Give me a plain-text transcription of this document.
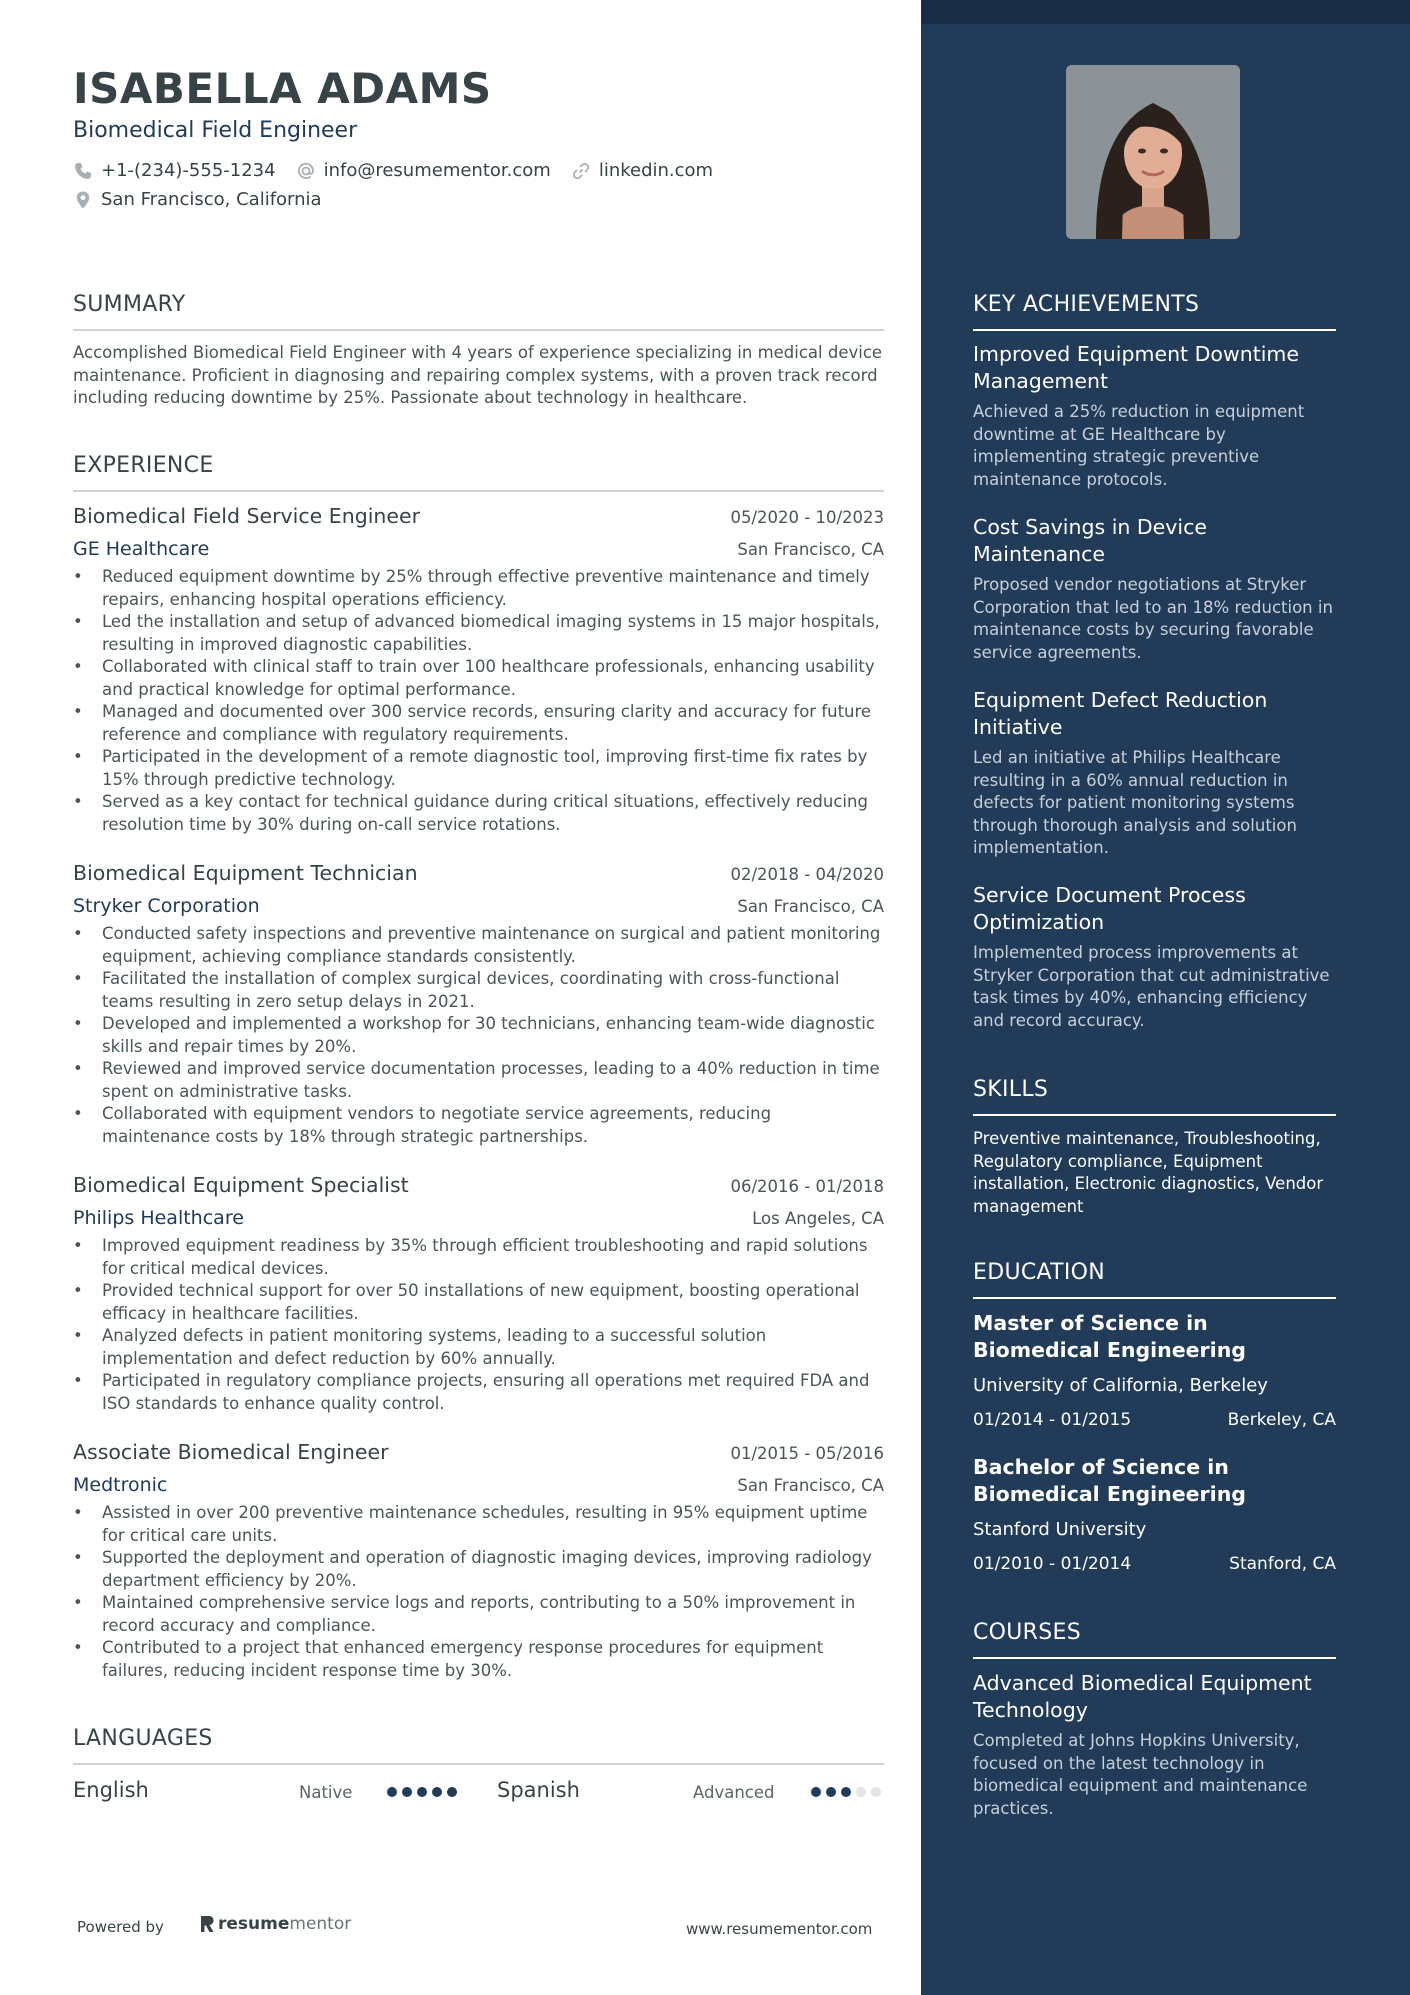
ISABELLA ADAMS
Biomedical Field Engineer
+1-(234)-555-1234	info@resumementor.com	linkedin.com
San Francisco, California
SUMMARY
Accomplished Biomedical Field Engineer with 4 years of experience specializing in medical device maintenance. Proficient in diagnosing and repairing complex systems, with a proven track record including reducing downtime by 25%. Passionate about technology in healthcare.
EXPERIENCE
Biomedical Field Service Engineer	05/2020 - 10/2023
GE Healthcare	San Francisco, CA
• Reduced equipment downtime by 25% through effective preventive maintenance and timely repairs, enhancing hospital operations efficiency.
• Led the installation and setup of advanced biomedical imaging systems in 15 major hospitals, resulting in improved diagnostic capabilities.
• Collaborated with clinical staff to train over 100 healthcare professionals, enhancing usability and practical knowledge for optimal performance.
• Managed and documented over 300 service records, ensuring clarity and accuracy for future reference and compliance with regulatory requirements.
• Participated in the development of a remote diagnostic tool, improving first-time fix rates by 15% through predictive technology.
• Served as a key contact for technical guidance during critical situations, effectively reducing resolution time by 30% during on-call service rotations.
Biomedical Equipment Technician	02/2018 - 04/2020
Stryker Corporation	San Francisco, CA
• Conducted safety inspections and preventive maintenance on surgical and patient monitoring equipment, achieving compliance standards consistently.
• Facilitated the installation of complex surgical devices, coordinating with cross-functional teams resulting in zero setup delays in 2021.
• Developed and implemented a workshop for 30 technicians, enhancing team-wide diagnostic skills and repair times by 20%.
• Reviewed and improved service documentation processes, leading to a 40% reduction in time spent on administrative tasks.
• Collaborated with equipment vendors to negotiate service agreements, reducing maintenance costs by 18% through strategic partnerships.
Biomedical Equipment Specialist	06/2016 - 01/2018
Philips Healthcare	Los Angeles, CA
• Improved equipment readiness by 35% through efficient troubleshooting and rapid solutions for critical medical devices.
• Provided technical support for over 50 installations of new equipment, boosting operational efficacy in healthcare facilities.
• Analyzed defects in patient monitoring systems, leading to a successful solution implementation and defect reduction by 60% annually.
• Participated in regulatory compliance projects, ensuring all operations met required FDA and ISO standards to enhance quality control.
Associate Biomedical Engineer	01/2015 - 05/2016
Medtronic	San Francisco, CA
• Assisted in over 200 preventive maintenance schedules, resulting in 95% equipment uptime for critical care units.
• Supported the deployment and operation of diagnostic imaging devices, improving radiology department efficiency by 20%.
• Maintained comprehensive service logs and reports, contributing to a 50% improvement in record accuracy and compliance.
• Contributed to a project that enhanced emergency response procedures for equipment failures, reducing incident response time by 30%.
LANGUAGES
English	Native	Spanish	Advanced
Powered by	resumementor	www.resumementor.com
KEY ACHIEVEMENTS
Improved Equipment Downtime Management
Achieved a 25% reduction in equipment downtime at GE Healthcare by implementing strategic preventive maintenance protocols.
Cost Savings in Device Maintenance
Proposed vendor negotiations at Stryker Corporation that led to an 18% reduction in maintenance costs by securing favorable service agreements.
Equipment Defect Reduction Initiative
Led an initiative at Philips Healthcare resulting in a 60% annual reduction in defects for patient monitoring systems through thorough analysis and solution implementation.
Service Document Process Optimization
Implemented process improvements at Stryker Corporation that cut administrative task times by 40%, enhancing efficiency and record accuracy.
SKILLS
Preventive maintenance, Troubleshooting, Regulatory compliance, Equipment installation, Electronic diagnostics, Vendor management
EDUCATION
Master of Science in Biomedical Engineering
University of California, Berkeley
01/2014 - 01/2015	Berkeley, CA
Bachelor of Science in Biomedical Engineering
Stanford University
01/2010 - 01/2014	Stanford, CA
COURSES
Advanced Biomedical Equipment Technology
Completed at Johns Hopkins University, focused on the latest technology in biomedical equipment and maintenance practices.
